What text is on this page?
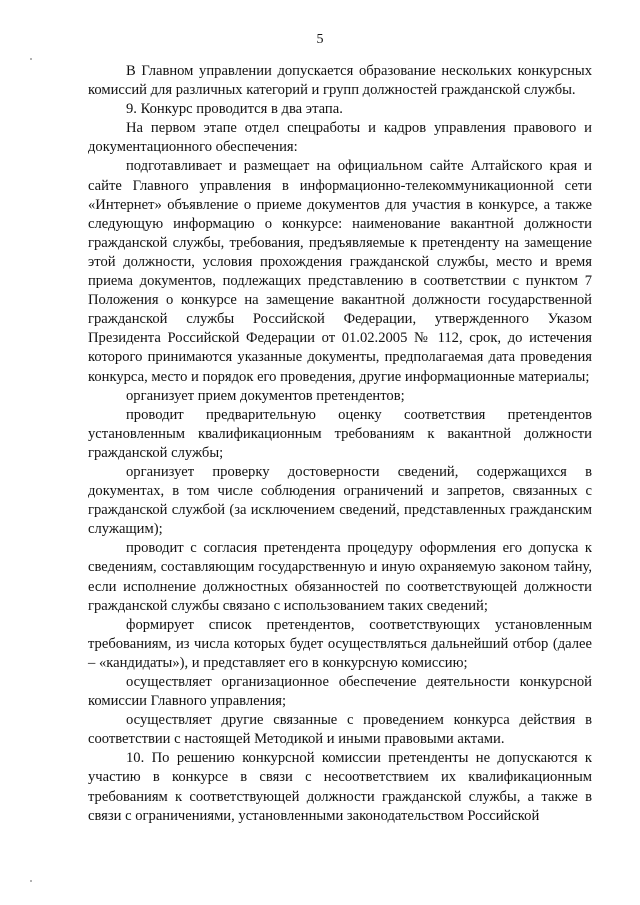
5

В Главном управлении допускается образование нескольких конкурсных комиссий для различных категорий и групп должностей гражданской службы.

9. Конкурс проводится в два этапа.

На первом этапе отдел спецработы и кадров управления правового и документационного обеспечения:

подготавливает и размещает на официальном сайте Алтайского края и сайте Главного управления в информационно-телекоммуникационной сети «Интернет» объявление о приеме документов для участия в конкурсе, а также следующую информацию о конкурсе: наименование вакантной должности гражданской службы, требования, предъявляемые к претенденту на замещение этой должности, условия прохождения гражданской службы, место и время приема документов, подлежащих представлению в соответствии с пунктом 7 Положения о конкурсе на замещение вакантной должности государственной гражданской службы Российской Федерации, утвержденного Указом Президента Российской Федерации от 01.02.2005 № 112, срок, до истечения которого принимаются указанные документы, предполагаемая дата проведения конкурса, место и порядок его проведения, другие информационные материалы;

организует прием документов претендентов;

проводит предварительную оценку соответствия претендентов установленным квалификационным требованиям к вакантной должности гражданской службы;

организует проверку достоверности сведений, содержащихся в документах, в том числе соблюдения ограничений и запретов, связанных с гражданской службой (за исключением сведений, представленных гражданским служащим);

проводит с согласия претендента процедуру оформления его допуска к сведениям, составляющим государственную и иную охраняемую законом тайну, если исполнение должностных обязанностей по соответствующей должности гражданской службы связано с использованием таких сведений;

формирует список претендентов, соответствующих установленным требованиям, из числа которых будет осуществляться дальнейший отбор (далее – «кандидаты»), и представляет его в конкурсную комиссию;

осуществляет организационное обеспечение деятельности конкурсной комиссии Главного управления;

осуществляет другие связанные с проведением конкурса действия в соответствии с настоящей Методикой и иными правовыми актами.

10. По решению конкурсной комиссии претенденты не допускаются к участию в конкурсе в связи с несоответствием их квалификационным требованиям к соответствующей должности гражданской службы, а также в связи с ограничениями, установленными законодательством Российской
